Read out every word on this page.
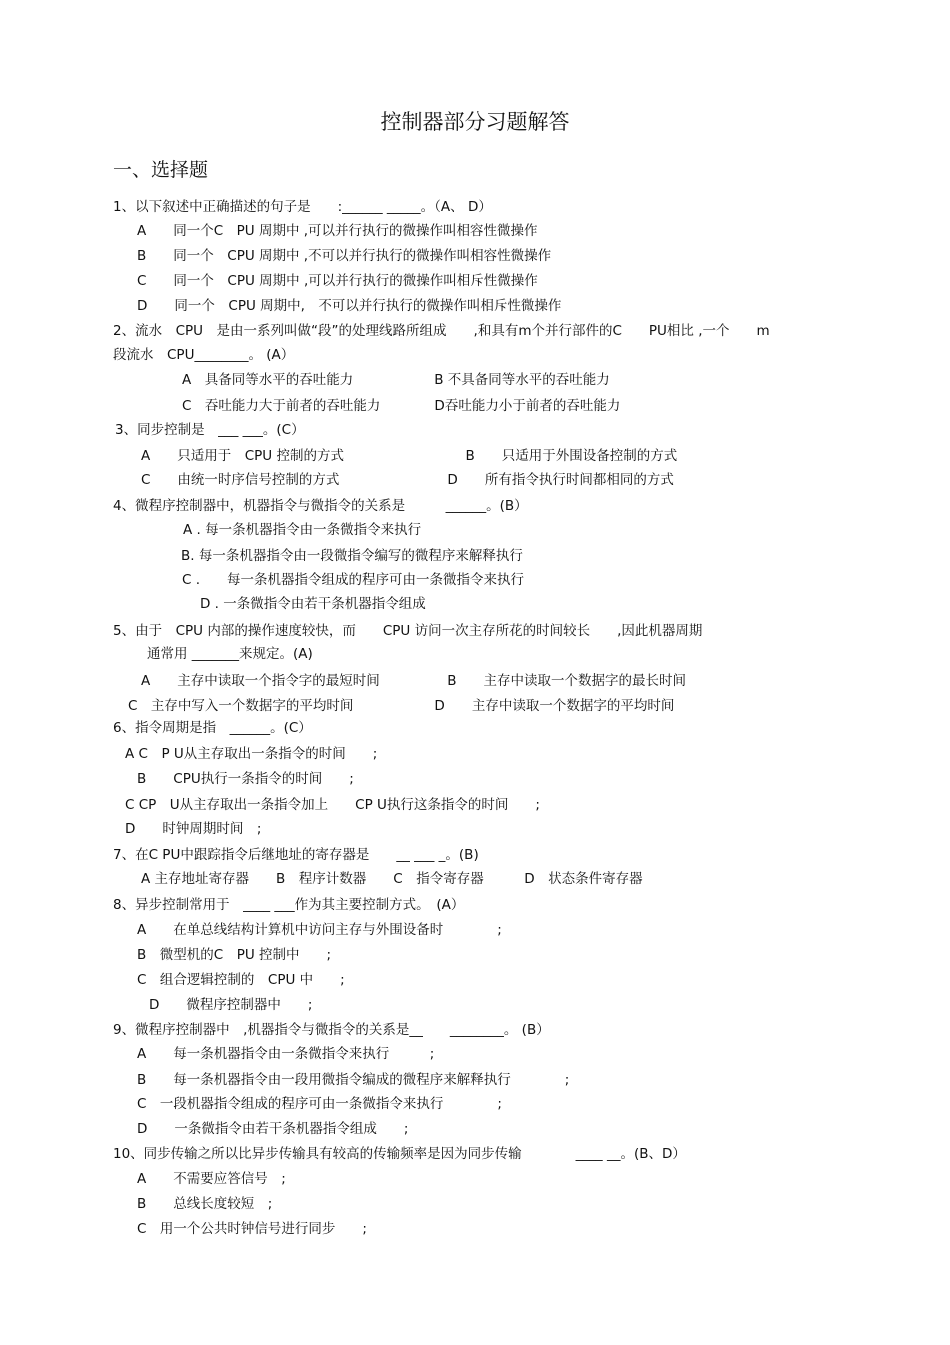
控制器部分习题解答
一、选择题
1、以下叙述中正确描述的句子是　　:______ _____。（A、 D）
A　　同一个C　PU 周期中 ,可以并行执行的微操作叫相容性微操作
B　　同一个　CPU 周期中 ,不可以并行执行的微操作叫相容性微操作
C　　同一个　CPU 周期中 ,可以并行执行的微操作叫相斥性微操作
D　　同一个　CPU 周期中,　不可以并行执行的微操作叫相斥性微操作
2、流水　CPU　是由一系列叫做“段”的处理线路所组成　　,和具有m个并行部件的C　　PU相比 ,一个　　m
段流水　CPU________。 (A）
A　具备同等水平的吞吐能力　　　　　　B 不具备同等水平的吞吐能力
C　吞吐能力大于前者的吞吐能力　　　　D吞吐能力小于前者的吞吐能力
3、同步控制是　___ ___。(C）
A　　只适用于　CPU 控制的方式　　　　　　　　　B　　只适用于外围设备控制的方式
C　　由统一时序信号控制的方式　　　　　　　　D　　所有指令执行时间都相同的方式
4、微程序控制器中，机器指令与微指令的关系是　　　______。(B）
A . 每一条机器指令由一条微指令来执行
B. 每一条机器指令由一段微指令编写的微程序来解释执行
C .　　每一条机器指令组成的程序可由一条微指令来执行
D . 一条微指令由若干条机器指令组成
5、由于　CPU 内部的操作速度较快，而　　CPU 访问一次主存所花的时间较长　　,因此机器周期
通常用 _______来规定。(A)
A　　主存中读取一个指令字的最短时间　　　　　B　　主存中读取一个数据字的最长时间
C　主存中写入一个数据字的平均时间　　　　　　D　　主存中读取一个数据字的平均时间
6、指令周期是指　______。(C）
A C　P U从主存取出一条指令的时间　　;
B　　CPU执行一条指令的时间　　;
C CP　U从主存取出一条指令加上　　CP U执行这条指令的时间　　;
D　　时钟周期时间　;
7、在C PU中跟踪指令后继地址的寄存器是　　__ ___ _。(B)
A 主存地址寄存器　　B　程序计数器　　C　指令寄存器　　　D　状态条件寄存器
8、异步控制常用于　____ ___作为其主要控制方式。　(A）
A　　在单总线结构计算机中访问主存与外围设备时　　　　;
B　微型机的C　PU 控制中　　;
C　组合逻辑控制的　CPU 中　　;
D　　微程序控制器中　　;
9、微程序控制器中　,机器指令与微指令的关系是__　　________。 (B）
A　　每一条机器指令由一条微指令来执行　　　;
B　　每一条机器指令由一段用微指令编成的微程序来解释执行　　　　;
C　一段机器指令组成的程序可由一条微指令来执行　　　　;
D　　一条微指令由若干条机器指令组成　　;
10、同步传输之所以比异步传输具有较高的传输频率是因为同步传输　　　　____ __。(B、D）
A　　不需要应答信号　;
B　　总线长度较短　;
C　用一个公共时钟信号进行同步　　;
